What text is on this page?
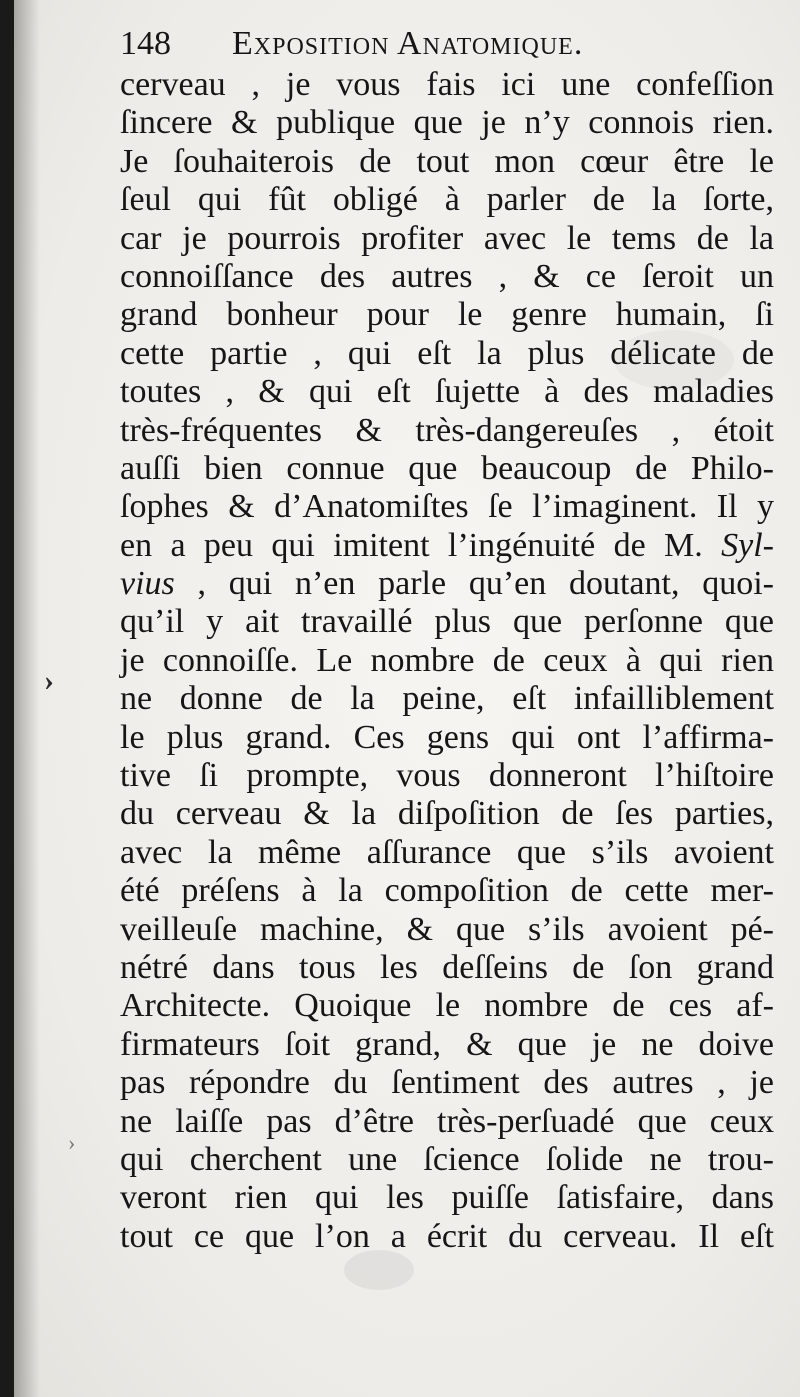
148 Exposition Anatomique.
›
›
cerveau , je vous fais ici une confeſſion
ſincere & publique que je n’y connois rien.
Je ſouhaiterois de tout mon cœur être le
ſeul qui fût obligé à parler de la ſorte,
car je pourrois profiter avec le tems de la
connoiſſance des autres , & ce ſeroit un
grand bonheur pour le genre humain, ſi
cette partie , qui eſt la plus délicate de
toutes , & qui eſt ſujette à des maladies
très-fréquentes & très-dangereuſes , étoit
auſſi bien connue que beaucoup de Philo-
ſophes & d’Anatomiſtes ſe l’imaginent. Il y
en a peu qui imitent l’ingénuité de M. Syl-
vius , qui n’en parle qu’en doutant, quoi-
qu’il y ait travaillé plus que perſonne que
je connoiſſe. Le nombre de ceux à qui rien
ne donne de la peine, eſt infailliblement
le plus grand. Ces gens qui ont l’affirma-
tive ſi prompte, vous donneront l’hiſtoire
du cerveau & la diſpoſition de ſes parties,
avec la même aſſurance que s’ils avoient
été préſens à la compoſition de cette mer-
veilleuſe machine, & que s’ils avoient pé-
nétré dans tous les deſſeins de ſon grand
Architecte. Quoique le nombre de ces af-
firmateurs ſoit grand, & que je ne doive
pas répondre du ſentiment des autres , je
ne laiſſe pas d’être très-perſuadé que ceux
qui cherchent une ſcience ſolide ne trou-
veront rien qui les puiſſe ſatisfaire, dans
tout ce que l’on a écrit du cerveau. Il eſt
